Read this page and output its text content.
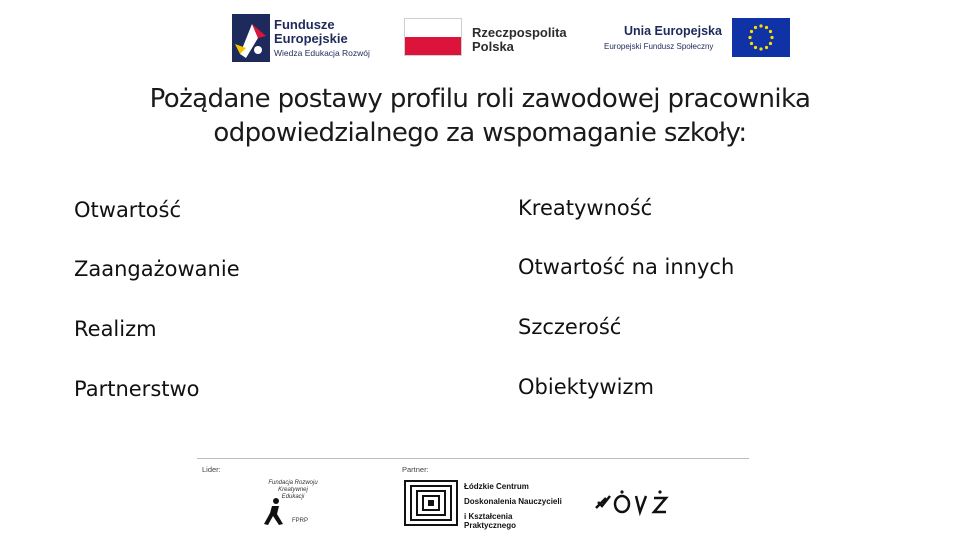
Fundusze
Europejskie
Wiedza Edukacja Rozwój
Rzeczpospolita
Polska
Unia Europejska
Europejski Fundusz Społeczny
Pożądane postawy profilu roli zawodowej pracownika
odpowiedzialnego za wspomaganie szkoły:
Otwartość
Zaangażowanie
Realizm
Partnerstwo
Kreatywność
Otwartość na innych
Szczerość
Obiektywizm
Lider:	Partner:
Fundacja Rozwoju Kreatywnej Edukacji
FPRP
Łódzkie Centrum
Doskonalenia Nauczycieli
i Kształcenia Praktycznego
